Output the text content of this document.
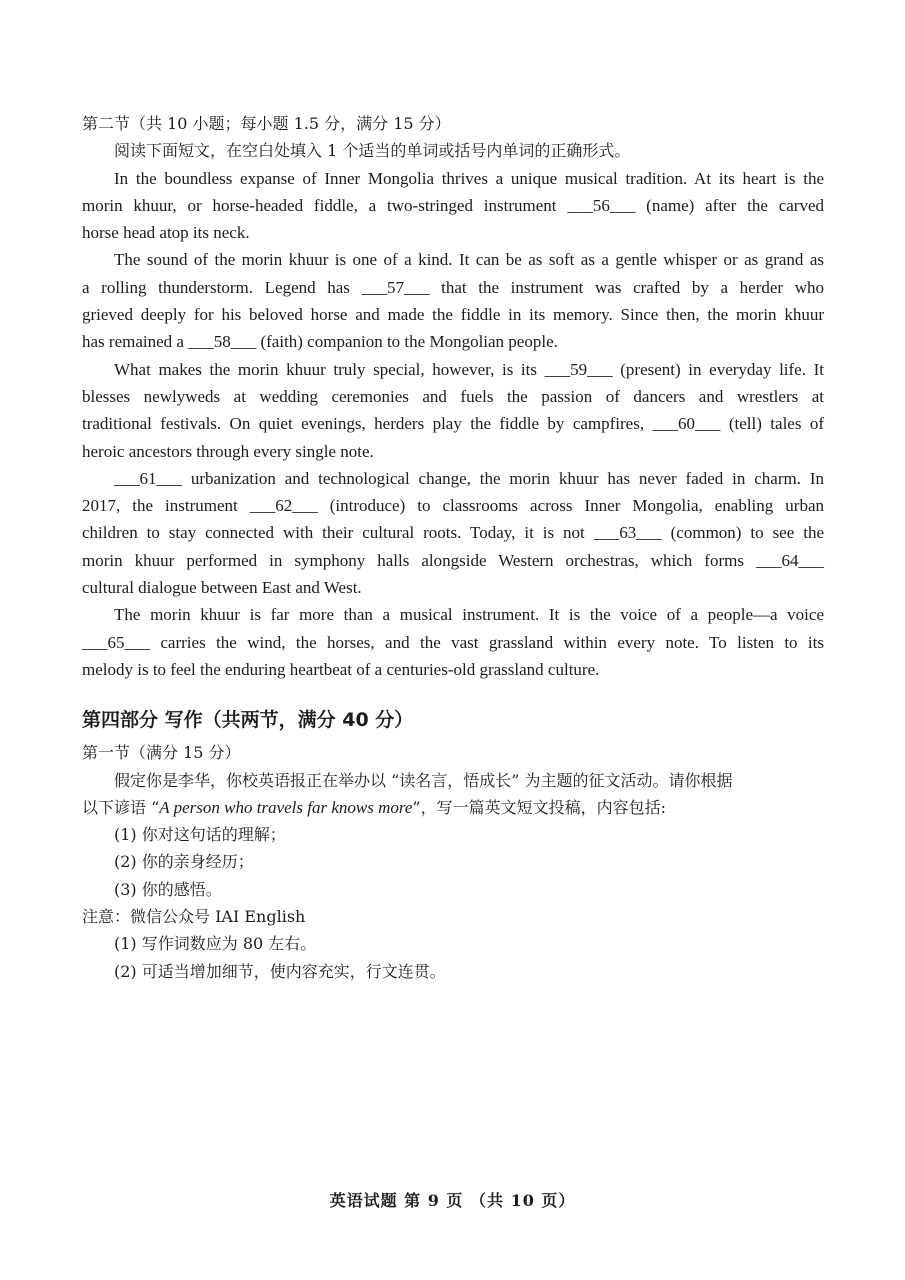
第二节（共 10 小题；每小题 1.5 分，满分 15 分）
阅读下面短文，在空白处填入 1 个适当的单词或括号内单词的正确形式。
In the boundless expanse of Inner Mongolia thrives a unique musical tradition. At its heart is the
morin khuur, or horse-headed fiddle, a two-stringed instrument ___56___ (name) after the carved
horse head atop its neck.
The sound of the morin khuur is one of a kind. It can be as soft as a gentle whisper or as grand as
a rolling thunderstorm. Legend has ___57___ that the instrument was crafted by a herder who
grieved deeply for his beloved horse and made the fiddle in its memory. Since then, the morin khuur
has remained a ___58___ (faith) companion to the Mongolian people.
What makes the morin khuur truly special, however, is its ___59___ (present) in everyday life. It
blesses newlyweds at wedding ceremonies and fuels the passion of dancers and wrestlers at
traditional festivals. On quiet evenings, herders play the fiddle by campfires, ___60___ (tell) tales of
heroic ancestors through every single note.
___61___ urbanization and technological change, the morin khuur has never faded in charm. In
2017, the instrument ___62___ (introduce) to classrooms across Inner Mongolia, enabling urban
children to stay connected with their cultural roots. Today, it is not ___63___ (common) to see the
morin khuur performed in symphony halls alongside Western orchestras, which forms ___64___
cultural dialogue between East and West.
The morin khuur is far more than a musical instrument. It is the voice of a people—a voice
___65___ carries the wind, the horses, and the vast grassland within every note. To listen to its
melody is to feel the enduring heartbeat of a centuries-old grassland culture.
第四部分 写作（共两节，满分 40 分）
第一节（满分 15 分）
假定你是李华，你校英语报正在举办以 “读名言，悟成长” 为主题的征文活动。请你根据
以下谚语 “A person who travels far knows more”，写一篇英文短文投稿，内容包括:
(1) 你对这句话的理解；
(2) 你的亲身经历；
(3) 你的感悟。
注意：微信公众号 IAI English
(1) 写作词数应为 80 左右。
(2) 可适当增加细节，使内容充实，行文连贯。
英语试题 第 9 页 （共 10 页）
